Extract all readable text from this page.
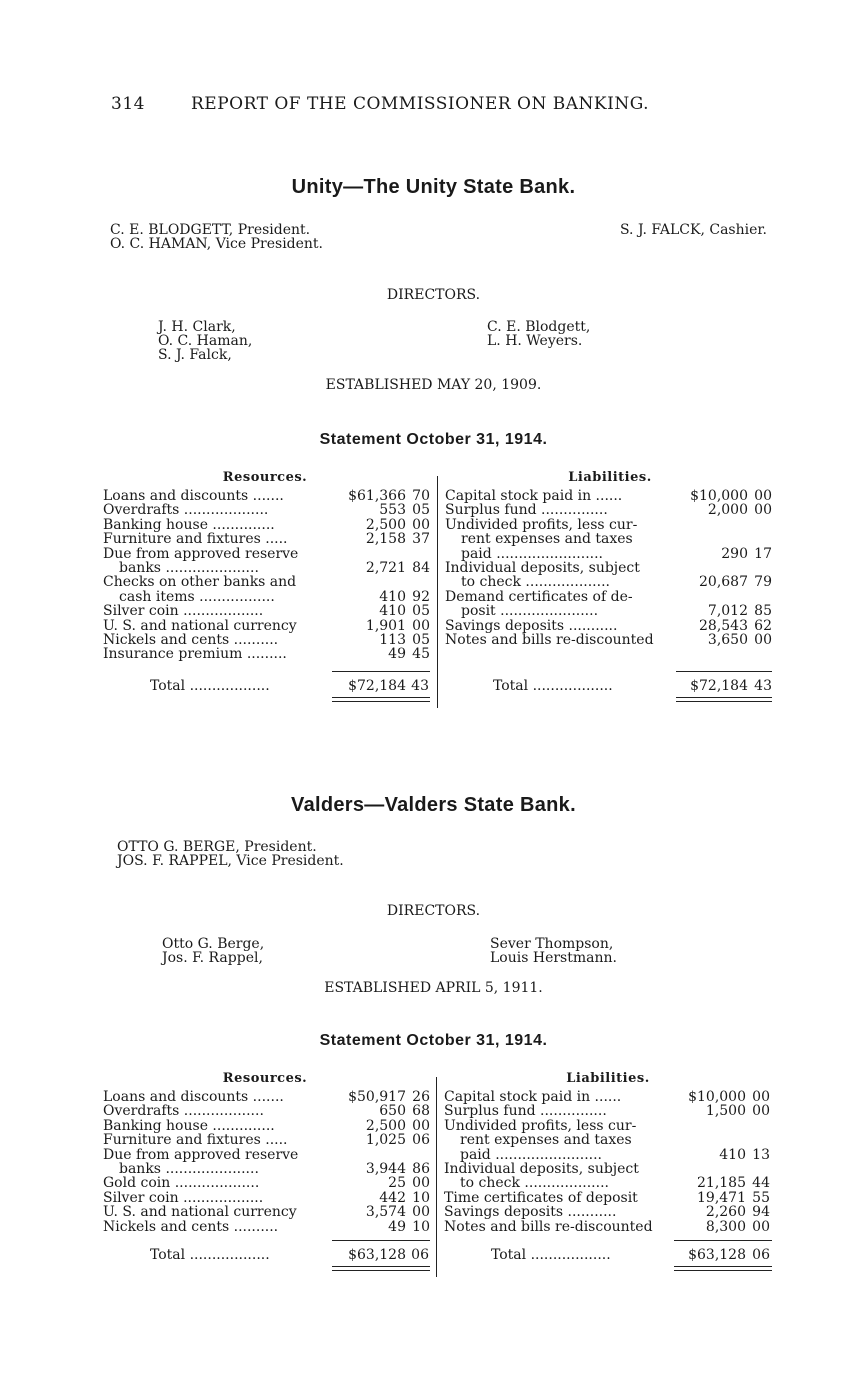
314	REPORT OF THE COMMISSIONER ON BANKING.
Unity—The Unity State Bank.
C. E. BLODGETT, President.
O. C. HAMAN, Vice President.
S. J. FALCK, Cashier.
DIRECTORS.
J. H. Clark,
O. C. Haman,
S. J. Falck,
C. E. Blodgett,
L. H. Weyers.
ESTABLISHED MAY 20, 1909.
Statement October 31, 1914.
Resources.	Liabilities.
Loans and discounts .......	$61,366 70
Overdrafts ...................	553 05
Banking house ..............	2,500 00
Furniture and fixtures .....	2,158 37
Due from approved reserve
banks .....................	2,721 84
Checks on other banks and
cash items .................	410 92
Silver coin ..................	410 05
U. S. and national currency	1,901 00
Nickels and cents ..........	113 05
Insurance premium .........	49 45
Capital stock paid in ......	$10,000 00
Surplus fund ...............	2,000 00
Undivided profits, less cur-
rent expenses and taxes
paid ........................	290 17
Individual deposits, subject
to check ...................	20,687 79
Demand certificates of de-
posit ......................	7,012 85
Savings deposits ...........	28,543 62
Notes and bills re-discounted	3,650 00
Total ..................	$72,184 43	Total ..................	$72,184 43
Valders—Valders State Bank.
OTTO G. BERGE, President.
JOS. F. RAPPEL, Vice President.
DIRECTORS.
Otto G. Berge,
Jos. F. Rappel,
Sever Thompson,
Louis Herstmann.
ESTABLISHED APRIL 5, 1911.
Statement October 31, 1914.
Resources.	Liabilities.
Loans and discounts .......	$50,917 26
Overdrafts ..................	650 68
Banking house ..............	2,500 00
Furniture and fixtures .....	1,025 06
Due from approved reserve
banks .....................	3,944 86
Gold coin ...................	25 00
Silver coin ..................	442 10
U. S. and national currency	3,574 00
Nickels and cents ..........	49 10
Capital stock paid in ......	$10,000 00
Surplus fund ...............	1,500 00
Undivided profits, less cur-
rent expenses and taxes
paid ........................	410 13
Individual deposits, subject
to check ...................	21,185 44
Time certificates of deposit	19,471 55
Savings deposits ...........	2,260 94
Notes and bills re-discounted	8,300 00
Total ..................	$63,128 06	Total ..................	$63,128 06
